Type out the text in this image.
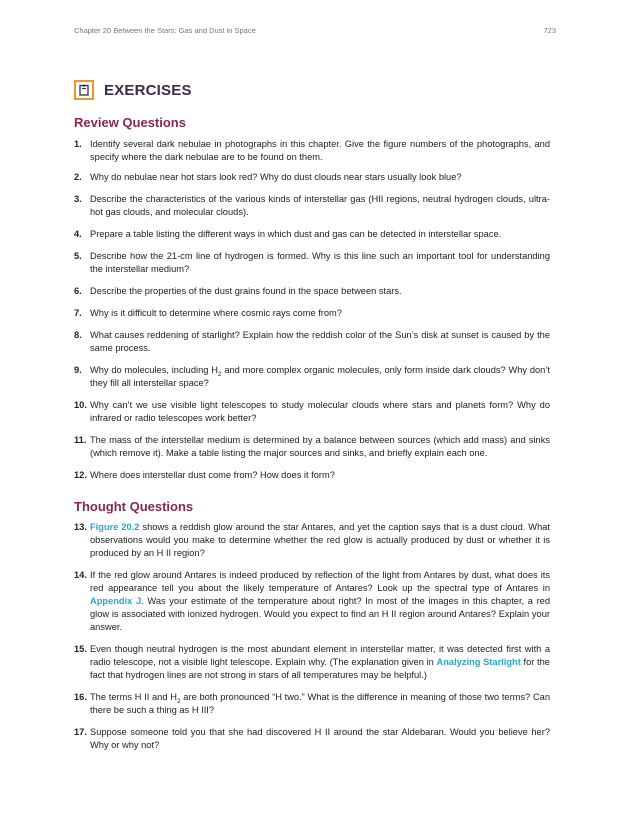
Chapter 20 Between the Stars: Gas and Dust in Space	723
EXERCISES
Review Questions
1. Identify several dark nebulae in photographs in this chapter. Give the figure numbers of the photographs, and specify where the dark nebulae are to be found on them.
2. Why do nebulae near hot stars look red? Why do dust clouds near stars usually look blue?
3. Describe the characteristics of the various kinds of interstellar gas (HII regions, neutral hydrogen clouds, ultra-hot gas clouds, and molecular clouds).
4. Prepare a table listing the different ways in which dust and gas can be detected in interstellar space.
5. Describe how the 21-cm line of hydrogen is formed. Why is this line such an important tool for understanding the interstellar medium?
6. Describe the properties of the dust grains found in the space between stars.
7. Why is it difficult to determine where cosmic rays come from?
8. What causes reddening of starlight? Explain how the reddish color of the Sun’s disk at sunset is caused by the same process.
9. Why do molecules, including $H_2$ and more complex organic molecules, only form inside dark clouds? Why don’t they fill all interstellar space?
10. Why can’t we use visible light telescopes to study molecular clouds where stars and planets form? Why do infrared or radio telescopes work better?
11. The mass of the interstellar medium is determined by a balance between sources (which add mass) and sinks (which remove it). Make a table listing the major sources and sinks, and briefly explain each one.
12. Where does interstellar dust come from? How does it form?
Thought Questions
13. Figure 20.2 shows a reddish glow around the star Antares, and yet the caption says that is a dust cloud. What observations would you make to determine whether the red glow is actually produced by dust or whether it is produced by an H II region?
14. If the red glow around Antares is indeed produced by reflection of the light from Antares by dust, what does its red appearance tell you about the likely temperature of Antares? Look up the spectral type of Antares in Appendix J. Was your estimate of the temperature about right? In most of the images in this chapter, a red glow is associated with ionized hydrogen. Would you expect to find an H II region around Antares? Explain your answer.
15. Even though neutral hydrogen is the most abundant element in interstellar matter, it was detected first with a radio telescope, not a visible light telescope. Explain why. (The explanation given in Analyzing Starlight for the fact that hydrogen lines are not strong in stars of all temperatures may be helpful.)
16. The terms H II and $H_2$ are both pronounced “H two.” What is the difference in meaning of those two terms? Can there be such a thing as H III?
17. Suppose someone told you that she had discovered H II around the star Aldebaran. Would you believe her? Why or why not?
